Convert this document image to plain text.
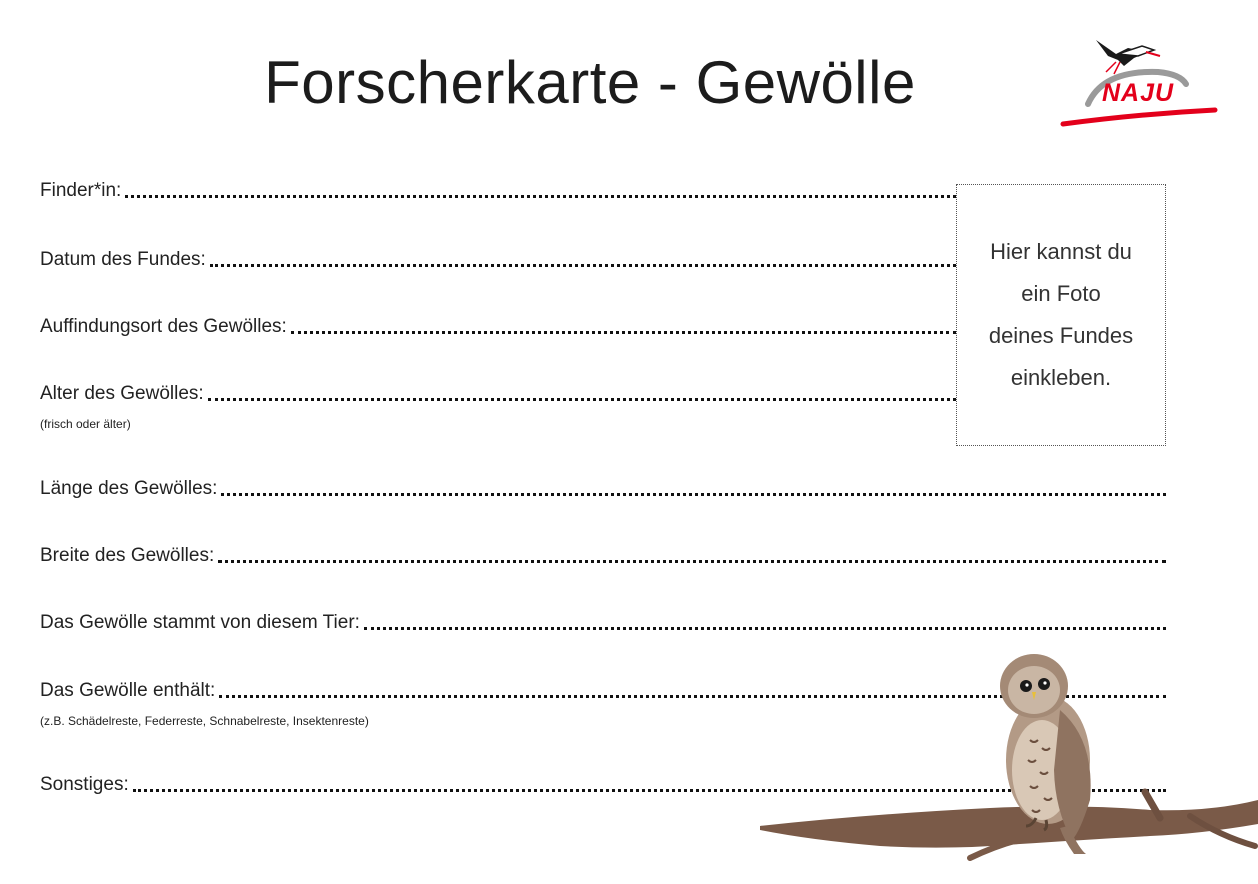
Forscherkarte - Gewölle	NAJU
Finder*in:
Datum des Fundes:
Auffindungsort des Gewölles:
Alter des Gewölles:
(frisch oder älter)
Länge des Gewölles:
Breite des Gewölles:
Das Gewölle stammt von diesem Tier:
Das Gewölle enthält:
(z.B. Schädelreste, Federreste, Schnabelreste, Insektenreste)
Sonstiges:
Hier kannst du
ein Foto
deines Fundes
einkleben.
